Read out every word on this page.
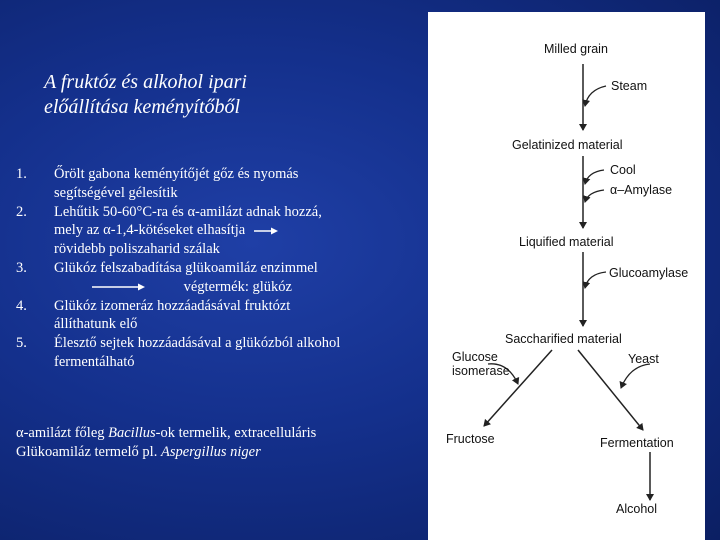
A fruktóz és alkohol ipari
előállítása keményítőből
1. Őrölt gabona keményítőjét gőz és nyomás
segítségével gélesítik
2. Lehűtik 50-60°C-ra és α-amilázt adnak hozzá,
mely az α-1,4-kötéseket elhasítja
rövidebb poliszaharid szálak
3. Glükóz felszabadítása glükoamiláz enzimmel
végtermék: glükóz
4. Glükóz izomeráz hozzáadásával fruktózt
állíthatunk elő
5. Élesztő sejtek hozzáadásával a glükózból alkohol
fermentálható
α-amilázt főleg Bacillus-ok termelik, extracelluláris
Glükoamiláz termelő pl. Aspergillus niger
Milled grain
Steam
Gelatinized material
Cool
α–Amylase
Liquified material
Glucoamylase
Saccharified material
Glucose
isomerase
Yeast
Fructose	Fermentation
Alcohol
